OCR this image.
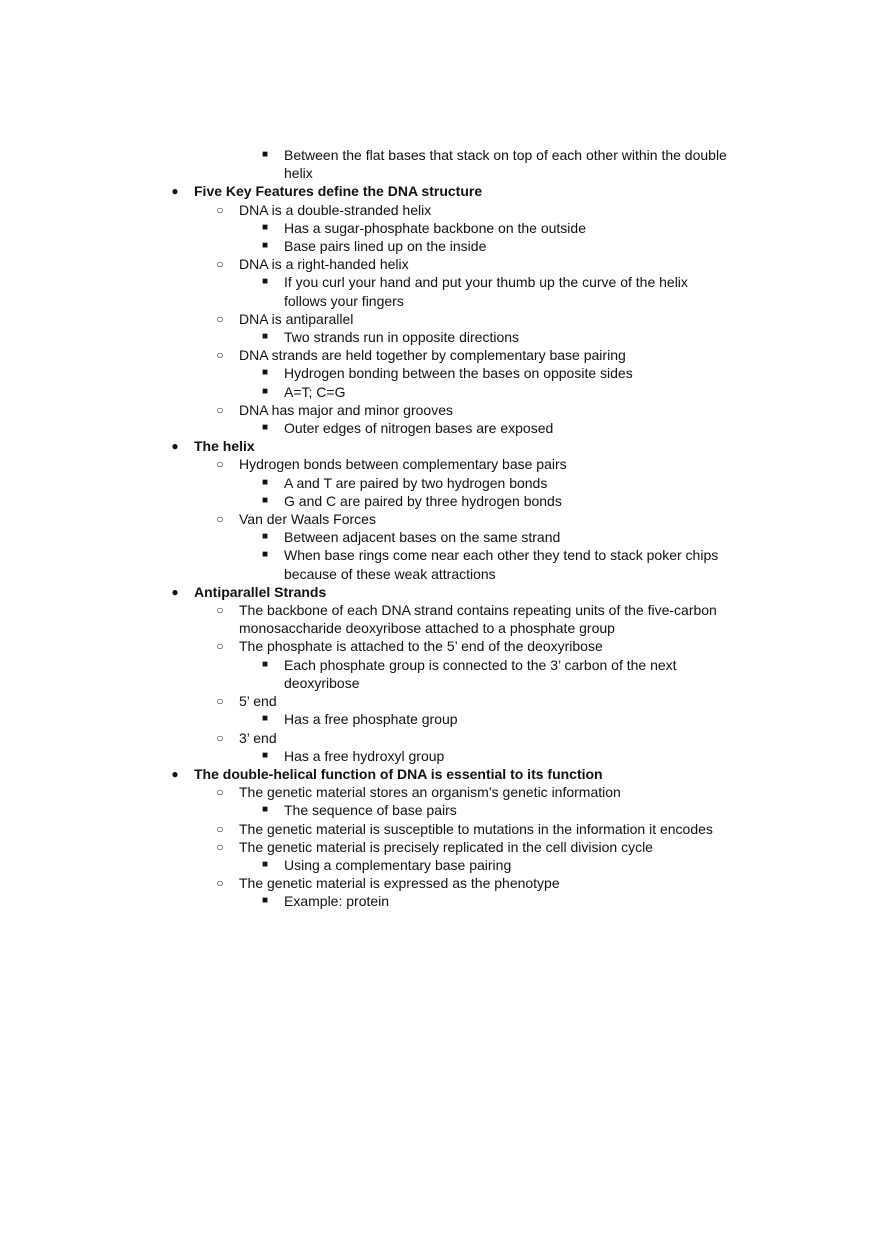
■ Between the flat bases that stack on top of each other within the double helix
● Five Key Features define the DNA structure
○ DNA is a double-stranded helix
■ Has a sugar-phosphate backbone on the outside
■ Base pairs lined up on the inside
○ DNA is a right-handed helix
■ If you curl your hand and put your thumb up the curve of the helix follows your fingers
○ DNA is antiparallel
■ Two strands run in opposite directions
○ DNA strands are held together by complementary base pairing
■ Hydrogen bonding between the bases on opposite sides
■ A=T; C=G
○ DNA has major and minor grooves
■ Outer edges of nitrogen bases are exposed
● The helix
○ Hydrogen bonds between complementary base pairs
■ A and T are paired by two hydrogen bonds
■ G and C are paired by three hydrogen bonds
○ Van der Waals Forces
■ Between adjacent bases on the same strand
■ When base rings come near each other they tend to stack poker chips because of these weak attractions
● Antiparallel Strands
○ The backbone of each DNA strand contains repeating units of the five-carbon monosaccharide deoxyribose attached to a phosphate group
○ The phosphate is attached to the 5’ end of the deoxyribose
■ Each phosphate group is connected to the 3’ carbon of the next deoxyribose
○ 5’ end
■ Has a free phosphate group
○ 3’ end
■ Has a free hydroxyl group
● The double-helical function of DNA is essential to its function
○ The genetic material stores an organism’s genetic information
■ The sequence of base pairs
○ The genetic material is susceptible to mutations in the information it encodes
○ The genetic material is precisely replicated in the cell division cycle
■ Using a complementary base pairing
○ The genetic material is expressed as the phenotype
■ Example: protein
